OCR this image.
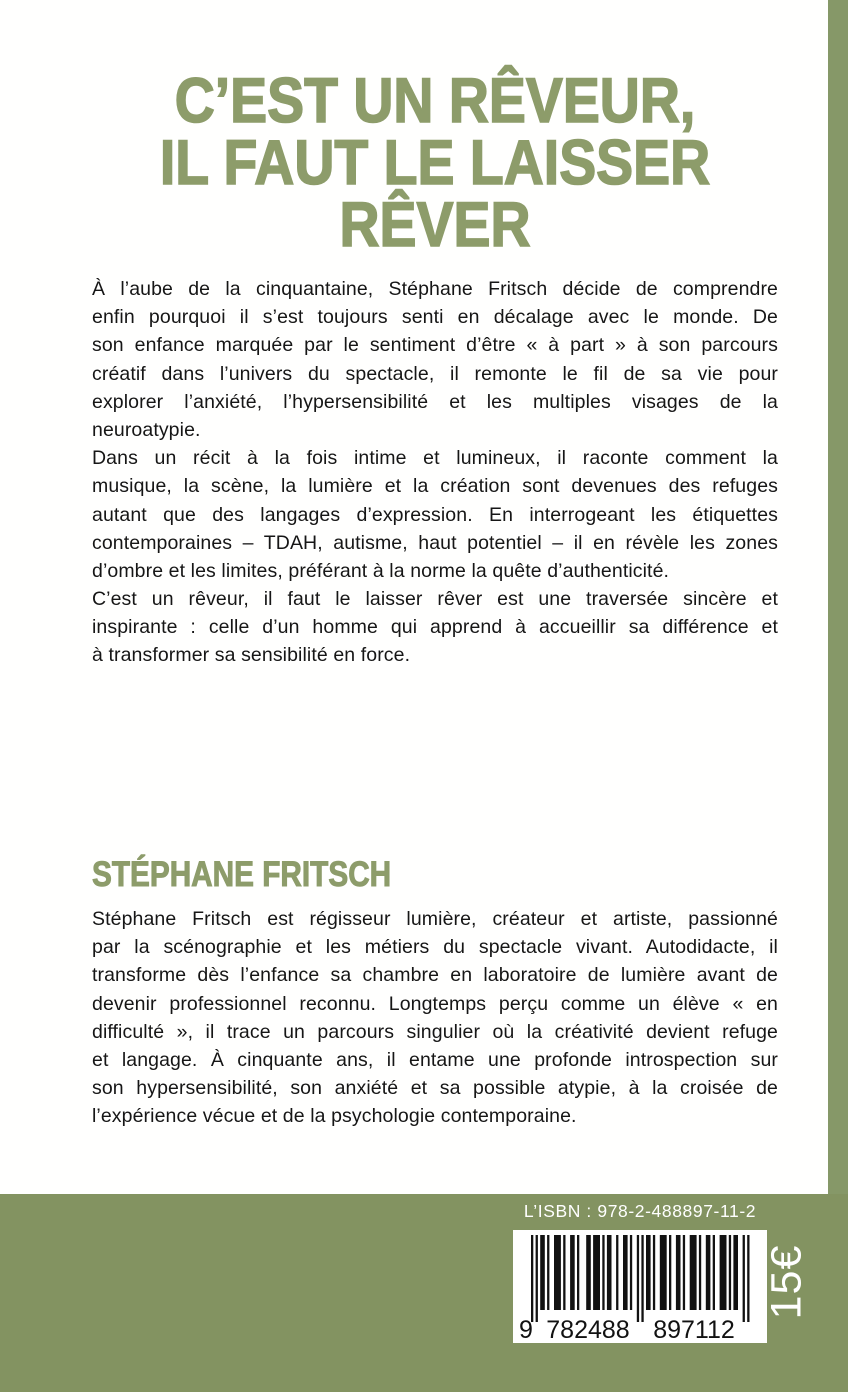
C’EST UN RÊVEUR,
IL FAUT LE LAISSER
RÊVER
À l’aube de la cinquantaine, Stéphane Fritsch décide de comprendre
enfin pourquoi il s’est toujours senti en décalage avec le monde. De
son enfance marquée par le sentiment d’être « à part » à son parcours
créatif dans l’univers du spectacle, il remonte le fil de sa vie pour
explorer l’anxiété, l’hypersensibilité et les multiples visages de la
neuroatypie.
Dans un récit à la fois intime et lumineux, il raconte comment la
musique, la scène, la lumière et la création sont devenues des refuges
autant que des langages d’expression. En interrogeant les étiquettes
contemporaines – TDAH, autisme, haut potentiel – il en révèle les zones
d’ombre et les limites, préférant à la norme la quête d’authenticité.
C’est un rêveur, il faut le laisser rêver est une traversée sincère et
inspirante : celle d’un homme qui apprend à accueillir sa différence et
à transformer sa sensibilité en force.
STÉPHANE FRITSCH
Stéphane Fritsch est régisseur lumière, créateur et artiste, passionné
par la scénographie et les métiers du spectacle vivant. Autodidacte, il
transforme dès l’enfance sa chambre en laboratoire de lumière avant de
devenir professionnel reconnu. Longtemps perçu comme un élève « en
difficulté », il trace un parcours singulier où la créativité devient refuge
et langage. À cinquante ans, il entame une profonde introspection sur
son hypersensibilité, son anxiété et sa possible atypie, à la croisée de
l’expérience vécue et de la psychologie contemporaine.
L’ISBN : 978-2-488897-11-2
9 782488 897112
15€
